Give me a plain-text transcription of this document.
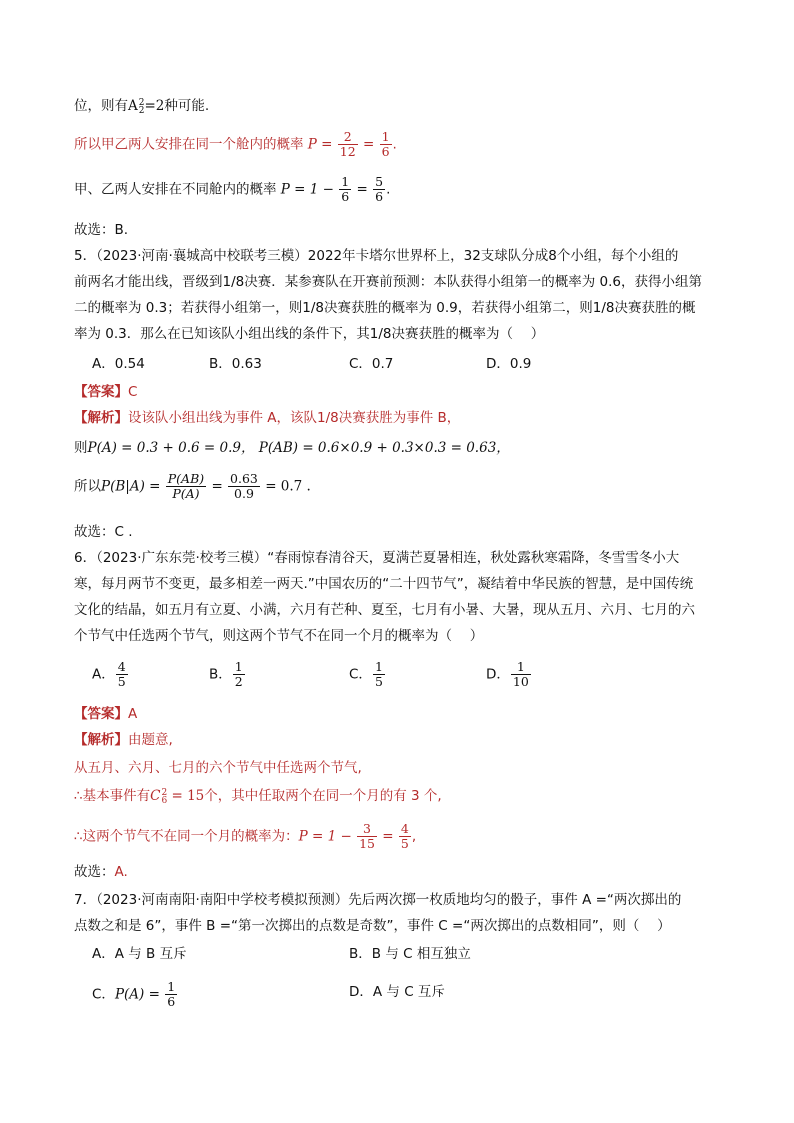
位，则有A 2
2 =2种可能.
所以甲乙两人安排在同一个舱内的概率 $P = \frac{2}{12} = \frac{1}{6}$ .
甲、乙两人安排在不同舱内的概率 $P = 1 - \frac{1}{6} = \frac{5}{6}$ .
故选：B.
5．（2023·河南·襄城高中校联考三模）2022年卡塔尔世界杯上，32支球队分成8个小组，每个小组的
前两名才能出线，晋级到1/8决赛．某参赛队在开赛前预测：本队获得小组第一的概率为 0.6，获得小组第
二的概率为 0.3；若获得小组第一，则1/8决赛获胜的概率为 0.9，若获得小组第二，则1/8决赛获胜的概
率为 0.3．那么在已知该队小组出线的条件下，其1/8决赛获胜的概率为（　 ）
A．0.54	B．0.63	C．0.7	D．0.9
【答案】C
【解析】设该队小组出线为事件 A，该队1/8决赛获胜为事件 B，
则P(A) = 0.3 + 0.6 = 0.9， P(AB) = 0.6×0.9 + 0.3×0.3 = 0.63，
所以$P(B|A) = \frac{P(AB)}{P(A)} = \frac{0.63}{0.9} = 0.7$ .
故选：C .
6．（2023·广东东莞·校考三模）“春雨惊春清谷天，夏满芒夏暑相连，秋处露秋寒霜降，冬雪雪冬小大
寒，每月两节不变更，最多相差一两天.”中国农历的“二十四节气”，凝结着中华民族的智慧，是中国传统
文化的结晶，如五月有立夏、小满，六月有芒种、夏至，七月有小暑、大暑，现从五月、六月、七月的六
个节气中任选两个节气，则这两个节气不在同一个月的概率为（　 ）
A． $\frac{4}{5}$	B． $\frac{1}{2}$	C． $\frac{1}{5}$	D． $\frac{1}{10}$
【答案】A
【解析】由题意,
从五月、六月、七月的六个节气中任选两个节气,
∴基本事件有C 2
6 = 15个，其中任取两个在同一个月的有 3 个,
∴这两个节气不在同一个月的概率为：$P = 1 - \frac{3}{15} = \frac{4}{5}$ ,
故选：A.
7．（2023·河南南阳·南阳中学校考模拟预测）先后两次掷一枚质地均匀的骰子，事件 A =“两次掷出的
点数之和是 6”，事件 B =“第一次掷出的点数是奇数”，事件 C =“两次掷出的点数相同”，则（　 ）
A．A 与 B 互斥	B．B 与 C 相互独立
C．$P(A) = \frac{1}{6}$	D．A 与 C 互斥
